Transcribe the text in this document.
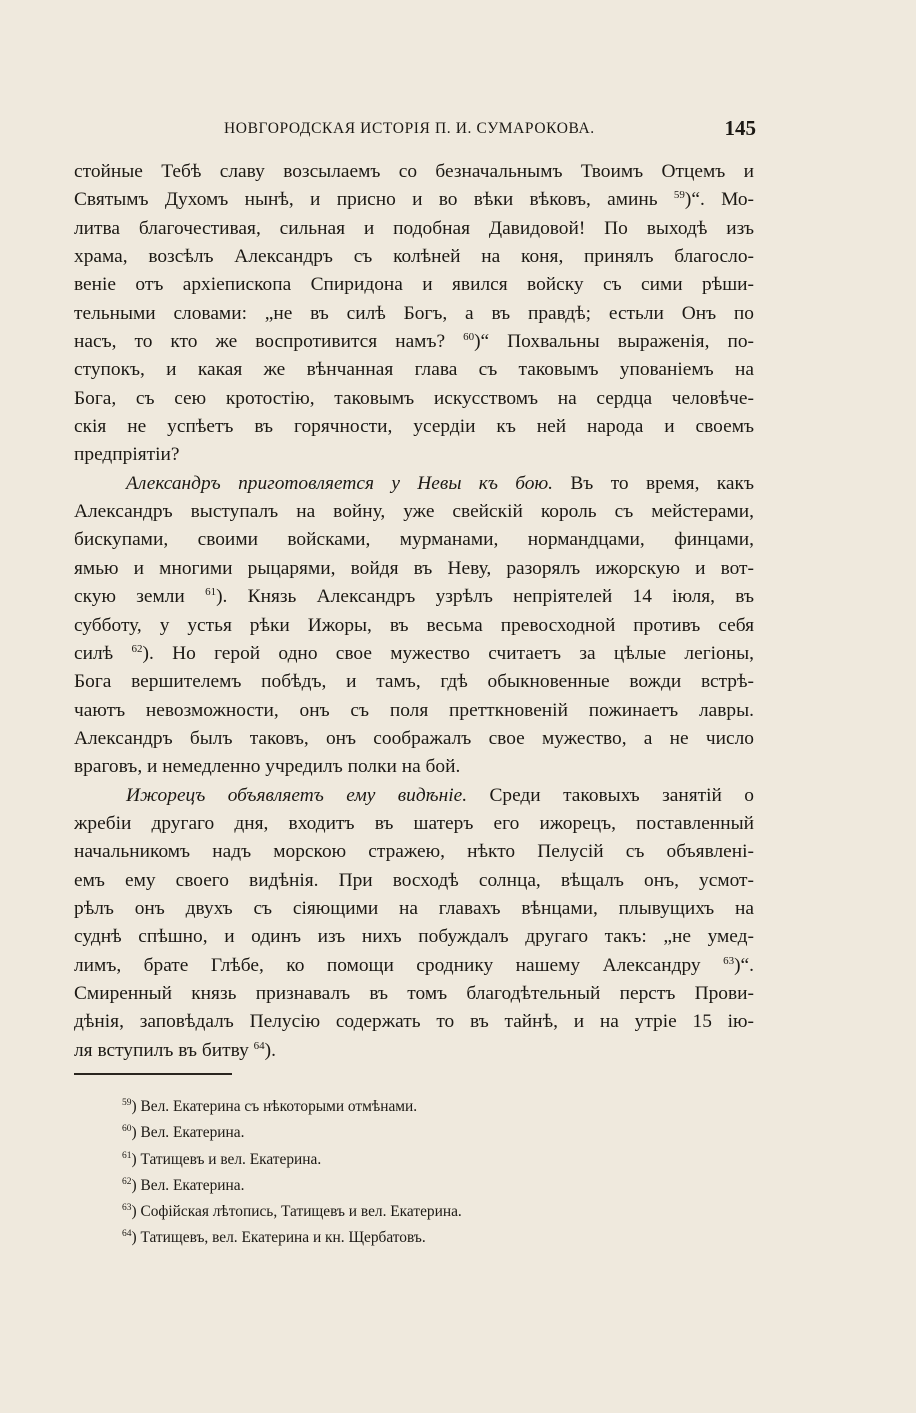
НОВГОРОДСКАЯ ИСТОРІЯ П. И. СУМАРОКОВА.	145
стойные Тебѣ славу возсылаемъ со безначальнымъ Твоимъ Отцемъ и
Святымъ Духомъ нынѣ, и присно и во вѣки вѣковъ, аминь $^{59}$)“. Мо-
литва благочестивая, сильная и подобная Давидовой! По выходѣ изъ
храма, возсѣлъ Александръ съ колѣней на коня, принялъ благосло-
веніе отъ архіепископа Спиридона и явился войску съ сими рѣши-
тельными словами: „не въ силѣ Богъ, а въ правдѣ; естьли Онъ по
насъ, то кто же воспротивится намъ? $^{60}$)“ Похвальны выраженія, по-
ступокъ, и какая же вѣнчанная глава съ таковымъ упованіемъ на
Бога, съ сею кротостію, таковымъ искусствомъ на сердца человѣче-
скія не успѣетъ въ горячности, усердіи къ ней народа и своемъ
предпріятіи?
Александръ приготовляется у Невы къ бою. Въ то время, какъ
Александръ выступалъ на войну, уже свейскій король съ мейстерами,
бискупами, своими войсками, мурманами, нормандцами, финцами,
ямью и многими рыцарями, войдя въ Неву, разорялъ ижорскую и вот-
скую земли $^{61}$). Князь Александръ узрѣлъ непріятелей 14 іюля, въ
субботу, у устья рѣки Ижоры, въ весьма превосходной противъ себя
силѣ $^{62}$). Но герой одно свое мужество считаетъ за цѣлые легіоны,
Бога вершителемъ побѣдъ, и тамъ, гдѣ обыкновенные вожди встрѣ-
чаютъ невозможности, онъ съ поля претткновеній пожинаетъ лавры.
Александръ былъ таковъ, онъ соображалъ свое мужество, а не число
враговъ, и немедленно учредилъ полки на бой.
Ижорецъ объявляетъ ему видѣніе. Среди таковыхъ занятій о
жребіи другаго дня, входитъ въ шатеръ его ижорецъ, поставленный
начальникомъ надъ морскою стражею, нѣкто Пелусій съ объявлені-
емъ ему своего видѣнія. При восходѣ солнца, вѣщалъ онъ, усмот-
рѣлъ онъ двухъ съ сіяющими на главахъ вѣнцами, плывущихъ на
суднѣ спѣшно, и одинъ изъ нихъ побуждалъ другаго такъ: „не умед-
лимъ, брате Глѣбе, ко помощи сроднику нашему Александру $^{63}$)“.
Смиренный князь признавалъ въ томъ благодѣтельный перстъ Прови-
дѣнія, заповѣдалъ Пелусію содержать то въ тайнѣ, и на утріе 15 ію-
ля вступилъ въ битву $^{64}$).
$^{59}$) Вел. Екатерина съ нѣкоторыми отмѣнами.
$^{60}$) Вел. Екатерина.
$^{61}$) Татищевъ и вел. Екатерина.
$^{62}$) Вел. Екатерина.
$^{63}$) Софійская лѣтопись, Татищевъ и вел. Екатерина.
$^{64}$) Татищевъ, вел. Екатерина и кн. Щербатовъ.
